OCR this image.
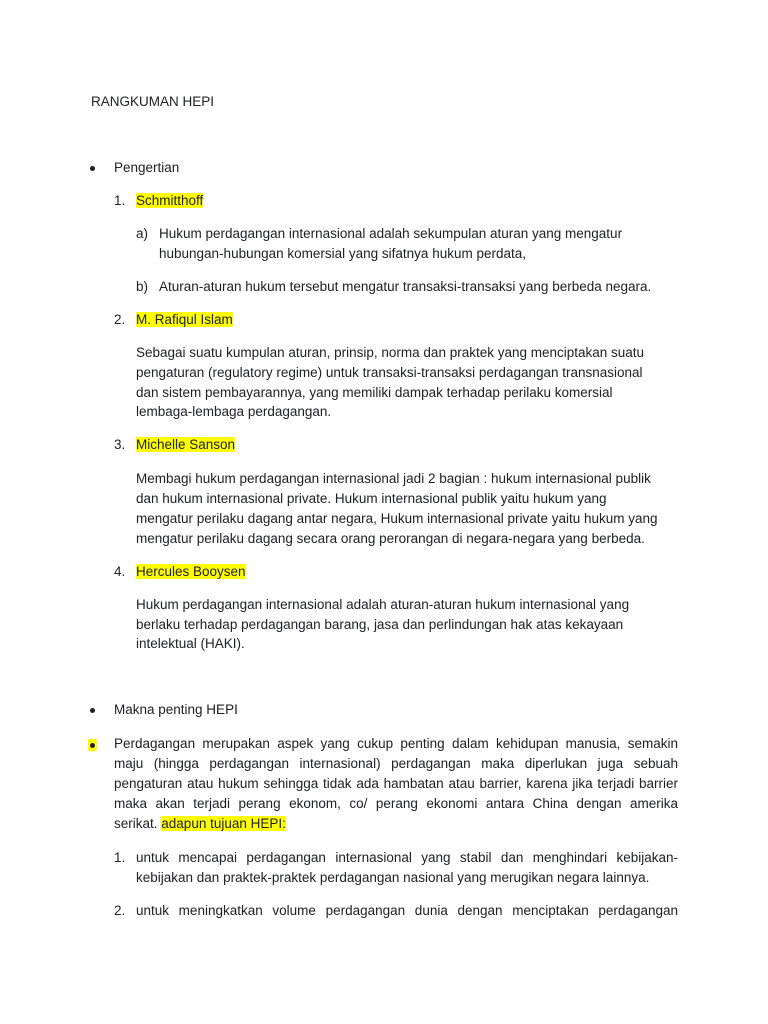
RANGKUMAN HEPI
Pengertian
1. Schmitthoff
a) Hukum perdagangan internasional adalah sekumpulan aturan yang mengatur
hubungan-hubungan komersial yang sifatnya hukum perdata,
b) Aturan-aturan hukum tersebut mengatur transaksi-transaksi yang berbeda negara.
2. M. Rafiqul Islam
Sebagai suatu kumpulan aturan, prinsip, norma dan praktek yang menciptakan suatu
pengaturan (regulatory regime) untuk transaksi-transaksi perdagangan transnasional
dan sistem pembayarannya, yang memiliki dampak terhadap perilaku komersial
lembaga-lembaga perdagangan.
3. Michelle Sanson
Membagi hukum perdagangan internasional jadi 2 bagian : hukum internasional publik
dan hukum internasional private. Hukum internasional publik yaitu hukum yang
mengatur perilaku dagang antar negara, Hukum internasional private yaitu hukum yang
mengatur perilaku dagang secara orang perorangan di negara-negara yang berbeda.
4. Hercules Booysen
Hukum perdagangan internasional adalah aturan-aturan hukum internasional yang
berlaku terhadap perdagangan barang, jasa dan perlindungan hak atas kekayaan
intelektual (HAKI).
Makna penting HEPI
Perdagangan merupakan aspek yang cukup penting dalam kehidupan manusia, semakin
maju (hingga perdagangan internasional) perdagangan maka diperlukan juga sebuah
pengaturan atau hukum sehingga tidak ada hambatan atau barrier, karena jika terjadi barrier
maka akan terjadi perang ekonom, co/ perang ekonomi antara China dengan amerika
serikat. adapun tujuan HEPI:
1. untuk mencapai perdagangan internasional yang stabil dan menghindari kebijakan-
kebijakan dan praktek-praktek perdagangan nasional yang merugikan negara lainnya.
2. untuk meningkatkan volume perdagangan dunia dengan menciptakan perdagangan
